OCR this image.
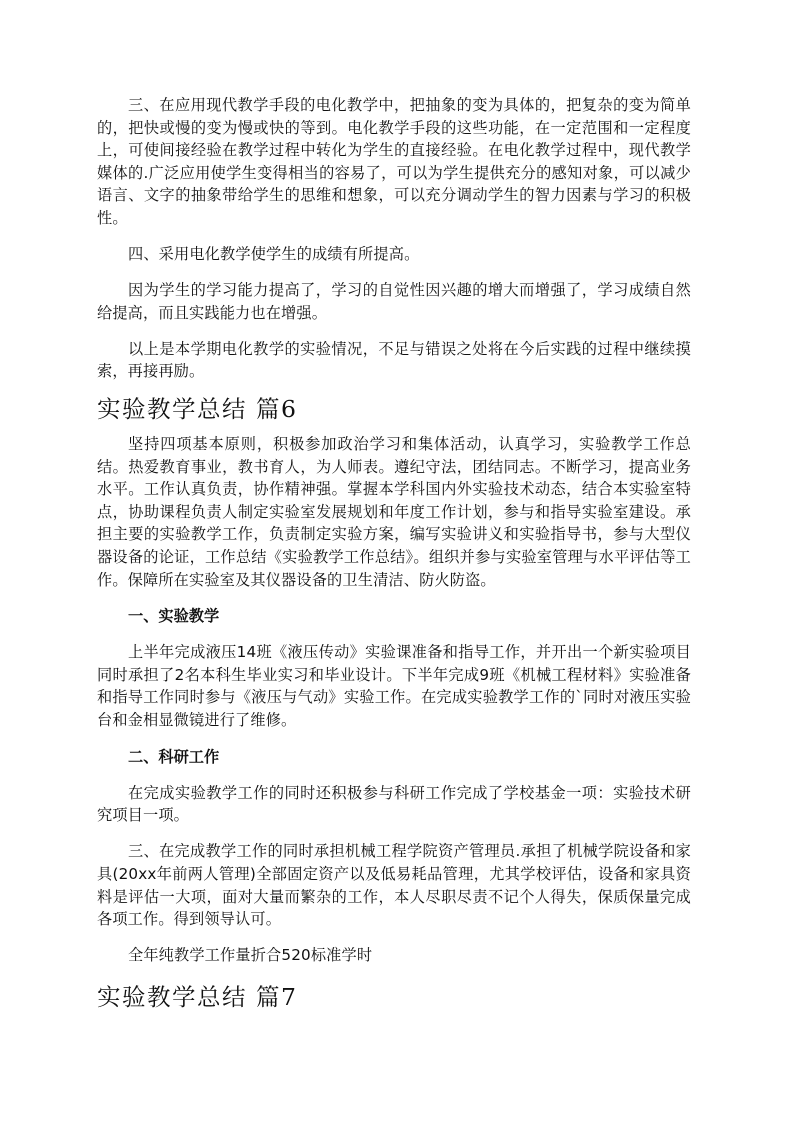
三、在应用现代教学手段的电化教学中，把抽象的变为具体的，把复杂的变为简单的，把快或慢的变为慢或快的等到。电化教学手段的这些功能，在一定范围和一定程度上，可使间接经验在教学过程中转化为学生的直接经验。在电化教学过程中，现代教学媒体的.广泛应用使学生变得相当的容易了，可以为学生提供充分的感知对象，可以减少语言、文字的抽象带给学生的思维和想象，可以充分调动学生的智力因素与学习的积极性。

四、采用电化教学使学生的成绩有所提高。

因为学生的学习能力提高了，学习的自觉性因兴趣的增大而增强了，学习成绩自然给提高，而且实践能力也在增强。

以上是本学期电化教学的实验情况，不足与错误之处将在今后实践的过程中继续摸索，再接再励。

实验教学总结 篇6

坚持四项基本原则，积极参加政治学习和集体活动，认真学习，实验教学工作总结。热爱教育事业，教书育人，为人师表。遵纪守法，团结同志。不断学习，提高业务水平。工作认真负责，协作精神强。掌握本学科国内外实验技术动态，结合本实验室特点，协助课程负责人制定实验室发展规划和年度工作计划，参与和指导实验室建设。承担主要的实验教学工作，负责制定实验方案，编写实验讲义和实验指导书，参与大型仪器设备的论证，工作总结《实验教学工作总结》。组织并参与实验室管理与水平评估等工作。保障所在实验室及其仪器设备的卫生清洁、防火防盗。

一、实验教学

上半年完成液压14班《液压传动》实验课准备和指导工作，并开出一个新实验项目同时承担了2名本科生毕业实习和毕业设计。下半年完成9班《机械工程材料》实验准备和指导工作同时参与《液压与气动》实验工作。在完成实验教学工作的`同时对液压实验台和金相显微镜进行了维修。

二、科研工作

在完成实验教学工作的同时还积极参与科研工作完成了学校基金一项：实验技术研究项目一项。

三、在完成教学工作的同时承担机械工程学院资产管理员.承担了机械学院设备和家具(20xx年前两人管理)全部固定资产以及低易耗品管理，尤其学校评估，设备和家具资料是评估一大项，面对大量而繁杂的工作，本人尽职尽责不记个人得失，保质保量完成各项工作。得到领导认可。

全年纯教学工作量折合520标准学时

实验教学总结 篇7
